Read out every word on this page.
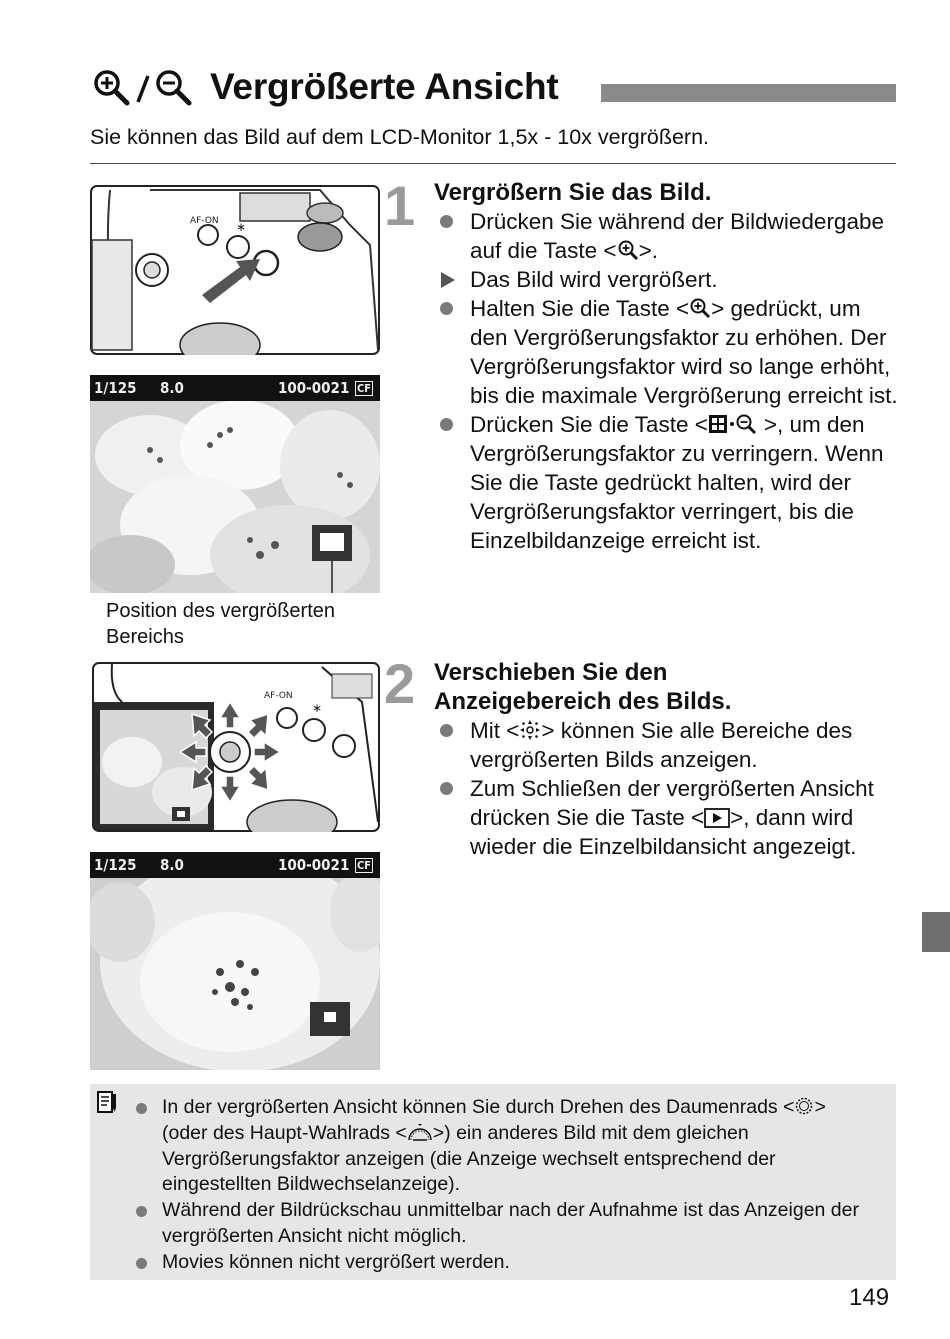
Vergrößerte Ansicht
Sie können das Bild auf dem LCD-Monitor 1,5x - 10x vergrößern.
AF-ON ∗
1/125 8.0	100-0021 CF
Position des vergrößerten Bereichs
1 Vergrößern Sie das Bild.
Drücken Sie während der Bildwiedergabe auf die Taste < >.
Das Bild wird vergrößert.
Halten Sie die Taste < > gedrückt, um den Vergrößerungsfaktor zu erhöhen. Der Vergrößerungsfaktor wird so lange erhöht, bis die maximale Vergrößerung erreicht ist.
Drücken Sie die Taste < >, um den Vergrößerungsfaktor zu verringern. Wenn Sie die Taste gedrückt halten, wird der Vergrößerungsfaktor verringert, bis die Einzelbildanzeige erreicht ist.
AF-ON
∗
1/125 8.0	100-0021 CF
2 Verschieben Sie den
Anzeigebereich des Bilds.
Mit < > können Sie alle Bereiche des vergrößerten Bilds anzeigen.
Zum Schließen der vergrößerten Ansicht drücken Sie die Taste < >, dann wird wieder die Einzelbildansicht angezeigt.
In der vergrößerten Ansicht können Sie durch Drehen des Daumenrads < > (oder des Haupt-Wahlrads < >) ein anderes Bild mit dem gleichen Vergrößerungsfaktor anzeigen (die Anzeige wechselt entsprechend der eingestellten Bildwechselanzeige).
Während der Bildrückschau unmittelbar nach der Aufnahme ist das Anzeigen der vergrößerten Ansicht nicht möglich.
Movies können nicht vergrößert werden.
149
